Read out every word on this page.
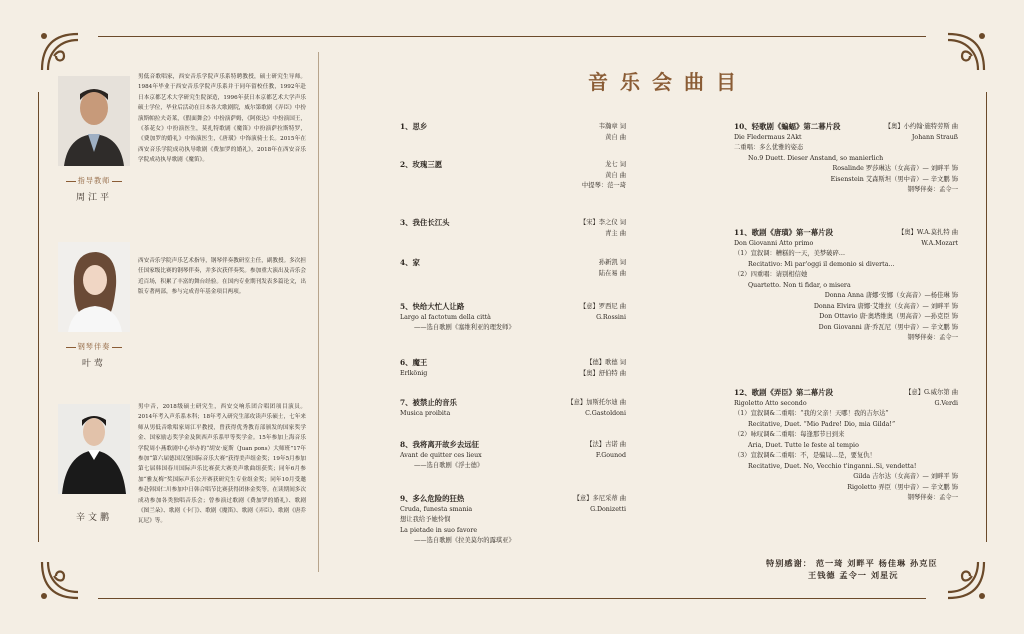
男低音歌唱家，西安音乐学院声乐系特聘教授，硕士研究生导师。1984年毕业于西安音乐学院声乐系并于同年留校任教，1992年赴日本京都艺术大学研究生院深造，1996年获日本京都艺术大学声乐硕士学位，毕业后活动在日本各大歌剧院，威尔第歌剧《弄臣》中扮演斯帕拉夫奇莱，《假面舞会》中扮演萨姆，《阿依达》中扮演国王，《茶花女》中扮演医生，莫扎特歌剧《魔笛》中扮演萨拉斯特罗，《费加罗的婚礼》中饰演医生，《唐璜》中饰演骑士长。2015年在西安音乐学院成功执导歌剧《费加罗的婚礼》，2018年在西安音乐学院成功执导歌剧《魔笛》。
指导教师
周江平
西安音乐学院声乐艺术指导，钢琴伴奏教研室主任，副教授。多次担任国家级比赛的钢琴伴奏，并多次获伴奏奖。参加重大演出及音乐会近百场，积累了丰富的舞台经验。在国内专业期刊发表多篇论文，出版专著两部，参与完成青年基金项目两项。
钢琴伴奏
叶莺
男中音，2018级硕士研究生，西安交响乐团合唱团项目演员。2014年考入声乐系本科；18年考入研究生部攻读声乐硕士，七年来师从男低音歌唱家周江平教授，曾获得优秀教育部颁发的国家奖学金、国家励志奖学金及陕西声乐系甲等奖学金。15年参加上海音乐学院周小燕歌剧中心举办的“胡安·庞斯（Juan pons）大师班”17年参加“第六届德国汉堡国际音乐大赛”获得美声组金奖；19年5月参加第七届韩国春川国际声乐比赛获大赛美声歌曲组获奖；同年6月参加“雅友梅”奖国际声乐公开赛获研究生专业组金奖；同年10月受邀参赴韩国仁川参加中日韩合唱节比赛获得团体金奖等。在读期间多次成功参加各类独唱音乐会；曾参演过歌剧《费加罗的婚礼》、歌剧《图兰朵》、歌剧《卡门》、歌剧《魔笛》、歌剧《弄臣》、歌剧《唐乔瓦尼》等。
辛文鹏
音乐会曲目
1、思乡	韦瀚章 词
黄自 曲
2、玫瑰三愿	龙七 词
黄自 曲
中提琴：范一琦
3、我住长江头	【宋】李之仪 词
青主 曲
4、家	孙新凯 词
陆在易 曲
5、快给大忙人让路	【意】罗西尼 曲
Largo al factotum della città	G.Rossini
——选自歌剧《塞维利亚的理发师》
6、魔王	【德】歌德 词
Erlkönig	【奥】舒伯特 曲
7、被禁止的音乐	【意】加斯托尔迪 曲
Musica proibita	C.Gastoldoni
8、我将离开故乡去远征	【法】古诺 曲
Avant de quitter ces lieux	F.Gounod
——选自歌剧《浮士德》
9、多么危险的狂热	【意】多尼采蒂 曲
Cruda, funesta smania	G.Donizetti
想让我给予她怜悯
La pietade in suo favore
——选自歌剧《拉美莫尔的露琪亚》
10、轻歌剧《蝙蝠》第二幕片段	【奥】小约翰·施特劳斯 曲
Die Fledermaus 2Akt	Johann Strauß
二重唱：多么优雅的姿态
No.9 Duett. Dieser Anstand, so manierlich
Rosalinde 罗莎琳达（女高音）— 刘畔平 饰
Eisenstein 艾森斯坦（男中音）— 辛文鹏 饰
钢琴伴奏：孟令一
11、歌剧《唐璜》第一幕片段	【奥】W.A.莫扎特 曲
Don Giovanni Atto primo	W.A.Mozart
（1）宣叙调：糟糕的一天，美梦破碎…
Recitativo: Mi par'oggi il demonio si diverta...
（2）四重唱：请别相信她
Quartetto. Non ti fidar, o misera
Donna Anna 唐娜·安娜（女高音）—杨佳琳 饰
Donna Elvira 唐娜·艾维拉（女高音）— 刘畔平 饰
Don Ottavio 唐·奥塔维奥（男高音）—孙克臣 饰
Don Giovanni 唐·乔瓦尼（男中音）— 辛文鹏 饰
钢琴伴奏：孟令一
12、歌剧《弄臣》第二幕片段	【意】G.威尔第 曲
Rigoletto Atto secondo	G.Verdi
（1）宣叙调&二重唱：“我的父亲！天哪！我的吉尔达”
Recitative, Duet. “Mio Padre! Dio, mia Gilda!”
（2）咏叹调&二重唱：每逢那节日到来
Aria, Duet. Tutte le feste al tempio
（3）宣叙调&二重唱：不，是骗局…是，要复仇！
Recitative, Duet. No, Vecchio t'inganni..Si, vendetta!
Gilda 吉尔达（女高音）— 刘畔平 饰
Rigoletto 弄臣（男中音）— 辛文鹏 饰
钢琴伴奏：孟令一
特别感谢： 范一琦 刘畔平 杨佳琳 孙克臣
王钱德 孟令一 刘星沅
